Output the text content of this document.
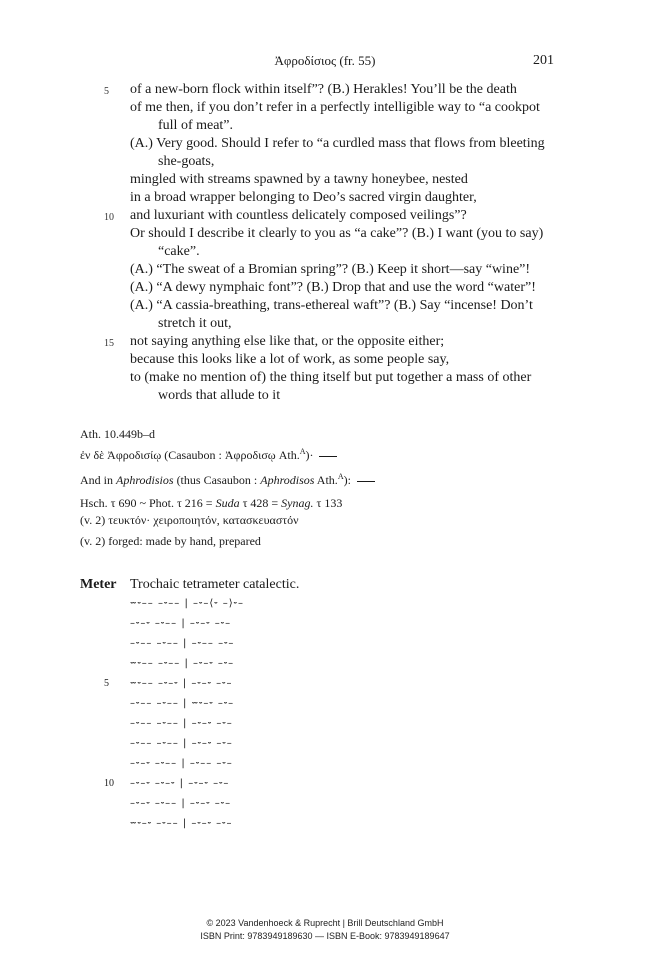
Ἀφροδίσιος (fr. 55)	201
5 of a new-born flock within itself”? (B.) Herakles! You’ll be the death
of me then, if you don’t refer in a perfectly intelligible way to “a cookpot
full of meat”.
(A.) Very good. Should I refer to “a curdled mass that flows from bleeting
she-goats,
mingled with streams spawned by a tawny honeybee, nested
in a broad wrapper belonging to Deo’s sacred virgin daughter,
10 and luxuriant with countless delicately composed veilings”?
Or should I describe it clearly to you as “a cake”? (B.) I want (you to say)
“cake”.
(A.) “The sweat of a Bromian spring”? (B.) Keep it short—say “wine”!
(A.) “A dewy nymphaic font”? (B.) Drop that and use the word “water”!
(A.) “A cassia-breathing, trans-ethereal waft”? (B.) Say “incense! Don’t
stretch it out,
15 not saying anything else like that, or the opposite either;
because this looks like a lot of work, as some people say,
to (make no mention of) the thing itself but put together a mass of other
words that allude to it

Ath. 10.449b–d

ἐν δὲ Ἀφροδισίῳ (Casaubon : Ἀφροδισῳ Ath.$^A$)·

And in Aphrodisios (thus Casaubon : Aphrodisos Ath.$^A$):

Hsch. τ 690 ~ Phot. τ 216 = Suda τ 428 = Synag. τ 133

(v. 2) τευκτόν· χειροποιητόν, κατασκευαστόν

(v. 2) forged: made by hand, prepared

Meter Trochaic tetrameter catalectic.
⏖⏑–– –⏑–– | –⏑–⟨⏑ –⟩⏑–
–⏑–⏑ –⏑–– | –⏑–⏑ –⏑–
–⏑–– –⏑–– | –⏑–– –⏑–
⏖⏑–– –⏑–– | –⏑–⏑ –⏑–
5 ⏖⏑–– –⏑–⏑ | –⏑–⏑ –⏑–
–⏑–– –⏑–– | ⏖⏑–⏑ –⏑–
–⏑–– –⏑–– | –⏑–⏑ –⏑–
–⏑–– –⏑–– | –⏑–⏑ –⏑–
–⏑–⏑ –⏑–– | –⏑–– –⏑–
10 –⏑–⏑ –⏑–⏑ | –⏑–⏑ –⏑–
–⏑–⏑ –⏑–– | –⏑–⏑ –⏑–
⏖⏑–⏑ –⏑–– | –⏑–⏑ –⏑–
© 2023 Vandenhoeck & Ruprecht | Brill Deutschland GmbH
ISBN Print: 9783949189630 — ISBN E-Book: 9783949189647
